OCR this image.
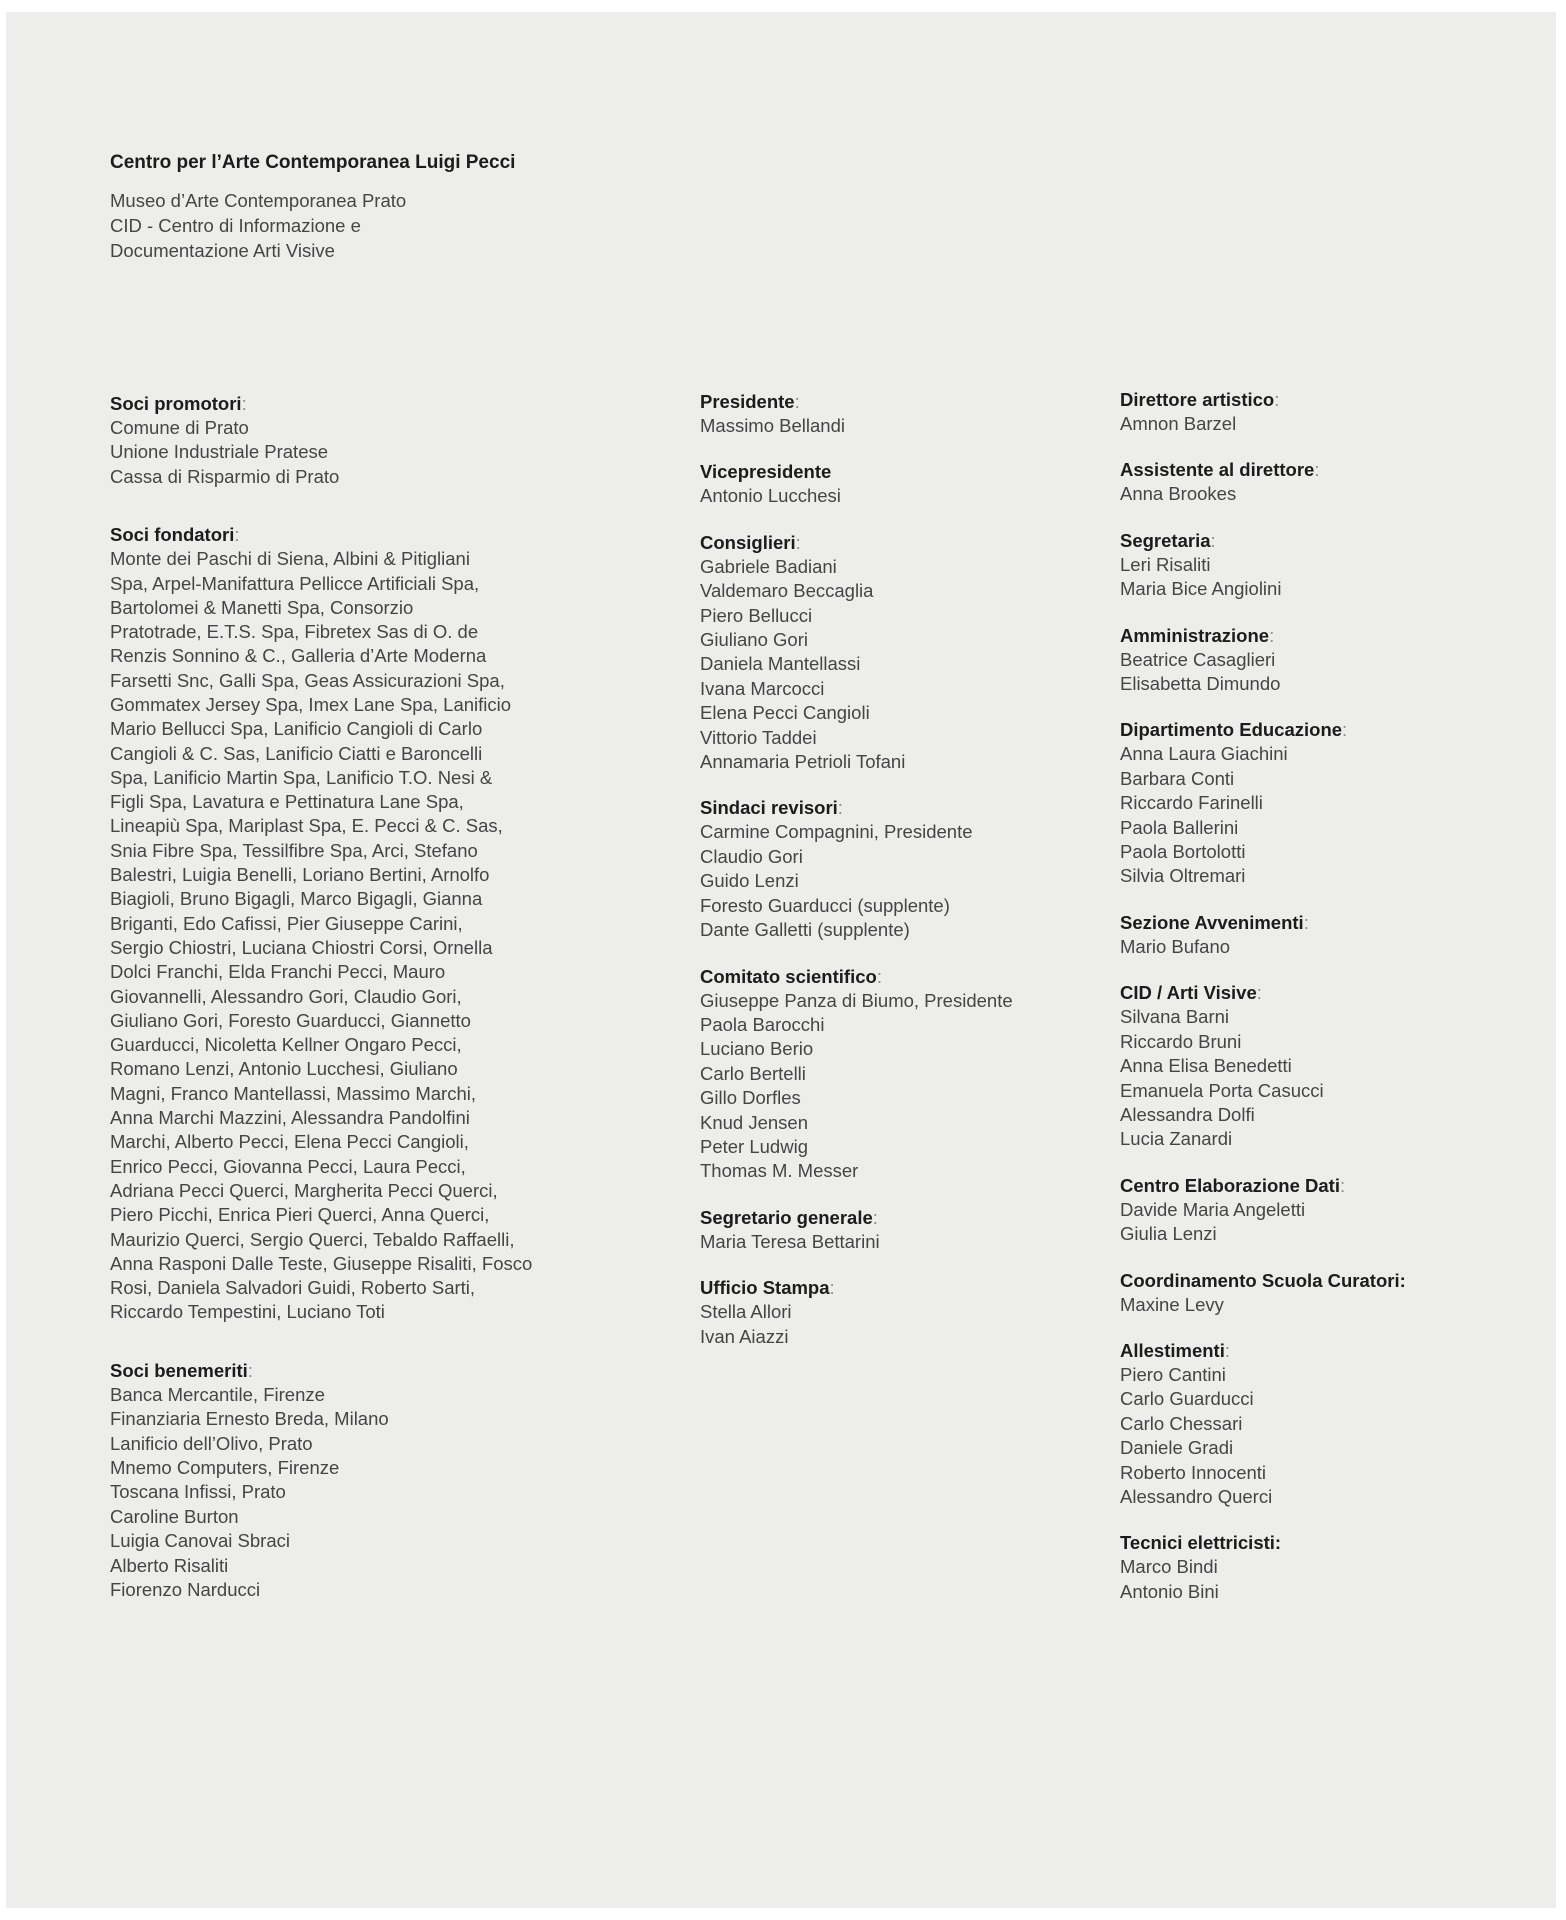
Centro per l’Arte Contemporanea Luigi Pecci
Museo d’Arte Contemporanea Prato
CID - Centro di Informazione e
Documentazione Arti Visive
Soci promotori:
Comune di Prato
Unione Industriale Pratese
Cassa di Risparmio di Prato
Soci fondatori:
Monte dei Paschi di Siena, Albini & Pitigliani
Spa, Arpel-Manifattura Pellicce Artificiali Spa,
Bartolomei & Manetti Spa, Consorzio
Pratotrade, E.T.S. Spa, Fibretex Sas di O. de
Renzis Sonnino & C., Galleria d’Arte Moderna
Farsetti Snc, Galli Spa, Geas Assicurazioni Spa,
Gommatex Jersey Spa, Imex Lane Spa, Lanificio
Mario Bellucci Spa, Lanificio Cangioli di Carlo
Cangioli & C. Sas, Lanificio Ciatti e Baroncelli
Spa, Lanificio Martin Spa, Lanificio T.O. Nesi &
Figli Spa, Lavatura e Pettinatura Lane Spa,
Lineapiù Spa, Mariplast Spa, E. Pecci & C. Sas,
Snia Fibre Spa, Tessilfibre Spa, Arci, Stefano
Balestri, Luigia Benelli, Loriano Bertini, Arnolfo
Biagioli, Bruno Bigagli, Marco Bigagli, Gianna
Briganti, Edo Cafissi, Pier Giuseppe Carini,
Sergio Chiostri, Luciana Chiostri Corsi, Ornella
Dolci Franchi, Elda Franchi Pecci, Mauro
Giovannelli, Alessandro Gori, Claudio Gori,
Giuliano Gori, Foresto Guarducci, Giannetto
Guarducci, Nicoletta Kellner Ongaro Pecci,
Romano Lenzi, Antonio Lucchesi, Giuliano
Magni, Franco Mantellassi, Massimo Marchi,
Anna Marchi Mazzini, Alessandra Pandolfini
Marchi, Alberto Pecci, Elena Pecci Cangioli,
Enrico Pecci, Giovanna Pecci, Laura Pecci,
Adriana Pecci Querci, Margherita Pecci Querci,
Piero Picchi, Enrica Pieri Querci, Anna Querci,
Maurizio Querci, Sergio Querci, Tebaldo Raffaelli,
Anna Rasponi Dalle Teste, Giuseppe Risaliti, Fosco
Rosi, Daniela Salvadori Guidi, Roberto Sarti,
Riccardo Tempestini, Luciano Toti
Soci benemeriti:
Banca Mercantile, Firenze
Finanziaria Ernesto Breda, Milano
Lanificio dell’Olivo, Prato
Mnemo Computers, Firenze
Toscana Infissi, Prato
Caroline Burton
Luigia Canovai Sbraci
Alberto Risaliti
Fiorenzo Narducci
Presidente:
Massimo Bellandi
Vicepresidente
Antonio Lucchesi
Consiglieri:
Gabriele Badiani
Valdemaro Beccaglia
Piero Bellucci
Giuliano Gori
Daniela Mantellassi
Ivana Marcocci
Elena Pecci Cangioli
Vittorio Taddei
Annamaria Petrioli Tofani
Sindaci revisori:
Carmine Compagnini, Presidente
Claudio Gori
Guido Lenzi
Foresto Guarducci (supplente)
Dante Galletti (supplente)
Comitato scientifico:
Giuseppe Panza di Biumo, Presidente
Paola Barocchi
Luciano Berio
Carlo Bertelli
Gillo Dorfles
Knud Jensen
Peter Ludwig
Thomas M. Messer
Segretario generale:
Maria Teresa Bettarini
Ufficio Stampa:
Stella Allori
Ivan Aiazzi
Direttore artistico:
Amnon Barzel
Assistente al direttore:
Anna Brookes
Segretaria:
Leri Risaliti
Maria Bice Angiolini
Amministrazione:
Beatrice Casaglieri
Elisabetta Dimundo
Dipartimento Educazione:
Anna Laura Giachini
Barbara Conti
Riccardo Farinelli
Paola Ballerini
Paola Bortolotti
Silvia Oltremari
Sezione Avvenimenti:
Mario Bufano
CID / Arti Visive:
Silvana Barni
Riccardo Bruni
Anna Elisa Benedetti
Emanuela Porta Casucci
Alessandra Dolfi
Lucia Zanardi
Centro Elaborazione Dati:
Davide Maria Angeletti
Giulia Lenzi
Coordinamento Scuola Curatori:
Maxine Levy
Allestimenti:
Piero Cantini
Carlo Guarducci
Carlo Chessari
Daniele Gradi
Roberto Innocenti
Alessandro Querci
Tecnici elettricisti:
Marco Bindi
Antonio Bini
